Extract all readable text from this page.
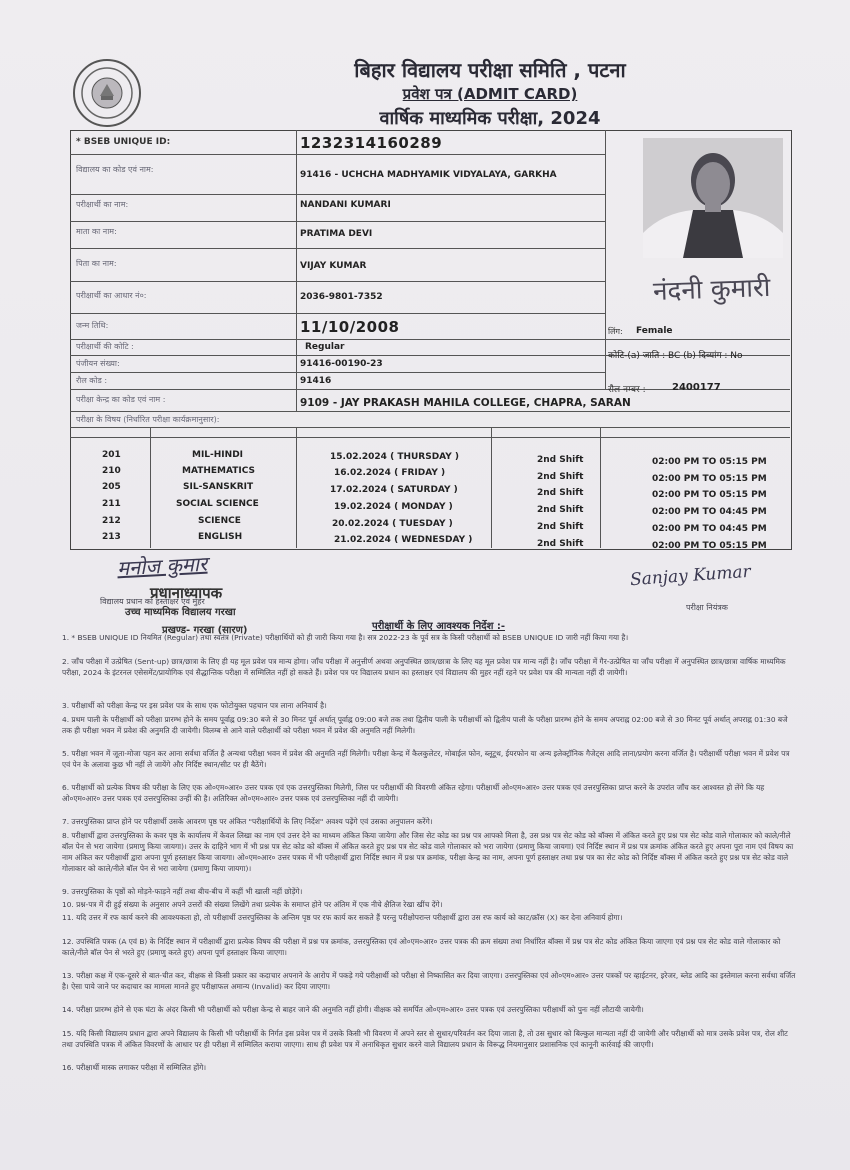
बिहार विद्यालय परीक्षा समिति , पटना
प्रवेश पत्र (ADMIT CARD)
वार्षिक माध्यमिक परीक्षा, 2024
* BSEB UNIQUE ID:	1232314160289
विद्यालय का कोड एवं नाम:
91416 - UCHCHA MADHYAMIK VIDYALAYA, GARKHA
परीक्षार्थी का नाम:	NANDANI KUMARI
माता का नाम:	PRATIMA DEVI
पिता का नाम:	VIJAY KUMAR
परीक्षार्थी का आधार नं०:	2036-9801-7352
जन्म तिथि:	11/10/2008	लिंग: Female
परीक्षार्थी की कोटि :	Regular
कोटि-(a) जाति : BC (b) दिव्यांग : No
पंजीयन संख्या:	91416-00190-23
रौल कोड :	91416
रौल नम्बर :	2400177
परीक्षा केन्द्र का कोड एवं नाम :	9109 - JAY PRAKASH MAHILA COLLEGE, CHAPRA, SARAN
परीक्षा के विषय (निर्धारित परीक्षा कार्यक्रमानुसार):
201	MIL-HINDI	15.02.2024 ( THURSDAY )	2nd Shift	02:00 PM TO 05:15 PM
210	MATHEMATICS	16.02.2024 ( FRIDAY )	2nd Shift	02:00 PM TO 05:15 PM
205	SIL-SANSKRIT	17.02.2024 ( SATURDAY )	2nd Shift	02:00 PM TO 05:15 PM
211	SOCIAL SCIENCE	19.02.2024 ( MONDAY )	2nd Shift	02:00 PM TO 04:45 PM
212	SCIENCE	20.02.2024 ( TUESDAY )	2nd Shift	02:00 PM TO 04:45 PM
213	ENGLISH	21.02.2024 ( WEDNESDAY )	2nd Shift	02:00 PM TO 05:15 PM
नंदनी कुमारी
मनोज कुमार
प्रधानाध्यापक
उच्च माध्यमिक विद्यालय गरखा
प्रखण्ड- गरखा (सारण)
विद्यालय प्रधान का हस्ताक्षर एवं मुहर
Sanjay Kumar
परीक्षा नियंत्रक
परीक्षार्थी के लिए आवश्यक निर्देश :-
1. * BSEB UNIQUE ID नियमित (Regular) तथा स्वतंत्र (Private) परीक्षार्थियों को ही जारी किया गया है। सत्र 2022-23 के पूर्व सत्र के किसी परीक्षार्थी को BSEB UNIQUE ID जारी नहीं किया गया है।
2. जाँच परीक्षा में उत्प्रेषित (Sent-up) छात्र/छात्रा के लिए ही यह मूल प्रवेश पत्र मान्य होगा। जाँच परीक्षा में अनुत्तीर्ण अथवा अनुपस्थित छात्र/छात्रा के लिए यह मूल प्रवेश पत्र मान्य नहीं है। जाँच परीक्षा में गैर-उत्प्रेषित या जाँच परीक्षा में अनुपस्थित छात्र/छात्रा वार्षिक माध्यमिक परीक्षा, 2024 के इंटरनल एसेसमेंट/प्रायोगिक एवं सैद्धान्तिक परीक्षा में सम्मिलित नहीं हो सकते हैं। प्रवेश पत्र पर विद्यालय प्रधान का हस्ताक्षर एवं विद्यालय की मुहर नहीं रहने पर प्रवेश पत्र की मान्यता नहीं दी जायेगी।
3. परीक्षार्थी को परीक्षा केन्द्र पर इस प्रवेश पत्र के साथ एक फोटोयुक्त पहचान पत्र लाना अनिवार्य है।
4. प्रथम पाली के परीक्षार्थी को परीक्षा प्रारम्भ होने के समय पूर्वाह्न 09:30 बजे से 30 मिनट पूर्व अर्थात् पूर्वाह्न 09:00 बजे तक तथा द्वितीय पाली के परीक्षार्थी को द्वितीय पाली के परीक्षा प्रारम्भ होने के समय अपराह्न 02:00 बजे से 30 मिनट पूर्व अर्थात् अपराह्न 01:30 बजे तक ही परीक्षा भवन में प्रवेश की अनुमति दी जायेगी। विलम्ब से आने वाले परीक्षार्थी को परीक्षा भवन में प्रवेश की अनुमति नहीं मिलेगी।
5. परीक्षा भवन में जूता-मोजा पहन कर आना सर्वथा वर्जित है अन्यथा परीक्षा भवन में प्रवेश की अनुमति नहीं मिलेगी। परीक्षा केन्द्र में कैलकुलेटर, मोबाईल फोन, ब्लूटूथ, ईयरफोन या अन्य इलेक्ट्रॉनिक गैजेट्स आदि लाना/प्रयोग करना वर्जित है। परीक्षार्थी परीक्षा भवन में प्रवेश पत्र एवं पेन के अलावा कुछ भी नहीं ले जायेंगे और निर्दिष्ट स्थान/सीट पर ही बैठेंगे।
6. परीक्षार्थी को प्रत्येक विषय की परीक्षा के लिए एक ओ०एम०आर० उत्तर पत्रक एवं एक उत्तरपुस्तिका मिलेगी, जिस पर परीक्षार्थी की विवरणी अंकित रहेगा। परीक्षार्थी ओ०एम०आर० उत्तर पत्रक एवं उत्तरपुस्तिका प्राप्त करने के उपरांत जाँच कर आश्वस्त हो लेंगे कि यह ओ०एम०आर० उत्तर पत्रक एवं उत्तरपुस्तिका उन्हीं की है। अतिरिक्त ओ०एम०आर० उत्तर पत्रक एवं उत्तरपुस्तिका नहीं दी जायेगी।
7. उत्तरपुस्तिका प्राप्त होने पर परीक्षार्थी उसके आवरण पृष्ठ पर अंकित "परीक्षार्थियों के लिए निर्देश" अवश्य पढ़ेंगे एवं उसका अनुपालन करेंगे।
8. परीक्षार्थी द्वारा उत्तरपुस्तिका के कवर पृष्ठ के कार्यालय में केवल लिखा का नाम एवं उत्तर देने का माध्यम अंकित किया जायेगा और जिस सेट कोड का प्रश्न पत्र आपको मिला है, उस प्रश्न पत्र सेट कोड को बॉक्स में अंकित करते हुए प्रश्न पत्र सेट कोड वाले गोलाकार को काले/नीले बॉल पेन से भरा जायेगा (प्रमाणु किया जायगा)। उत्तर के दाहिने भाग में भी प्रश्न पत्र सेट कोड को बॉक्स में अंकित करते हुए प्रश्न पत्र सेट कोड वाले गोलाकार को भरा जायेगा (प्रमाणु किया जायगा) एवं निर्दिष्ट स्थान में प्रश्न पत्र क्रमांक अंकित करते हुए अपना पूरा नाम एवं विषय का नाम अंकित कर परीक्षार्थी द्वारा अपना पूर्ण हस्ताक्षर किया जायगा। ओ०एम०आर० उत्तर पत्रक में भी परीक्षार्थी द्वारा निर्दिष्ट स्थान में प्रश्न पत्र क्रमांक, परीक्षा केन्द्र का नाम, अपना पूर्ण हस्ताक्षर तथा प्रश्न पत्र का सेट कोड को निर्दिष्ट बॉक्स में अंकित करते हुए प्रश्न पत्र सेट कोड वाले गोलाकार को काले/नीले बॉल पेन से भरा जायेगा (प्रमाणु किया जायगा)।
9. उत्तरपुस्तिका के पृष्ठों को मोड़ने-फाड़ने नहीं तथा बीच-बीच में कहीं भी खाली नहीं छोड़ेंगे।
10. प्रश्न-पत्र में दी हुई संख्या के अनुसार अपने उत्तरों की संख्या लिखेंगे तथा प्रत्येक के समाप्त होने पर अंतिम में एक नीचे क्षैतिज रेखा खींच देंगे।
11. यदि उत्तर में रफ कार्य करने की आवश्यकता हो, तो परीक्षार्थी उत्तरपुस्तिका के अन्तिम पृष्ठ पर रफ कार्य कर सकते हैं परन्तु परीक्षोपरान्त परीक्षार्थी द्वारा उस रफ कार्य को काट/क्रॉस (X) कर देना अनिवार्य होगा।
12. उपस्थिति पत्रक (A एवं B) के निर्दिष्ट स्थान में परीक्षार्थी द्वारा प्रत्येक विषय की परीक्षा में प्रश्न पत्र क्रमांक, उत्तरपुस्तिका एवं ओ०एम०आर० उत्तर पत्रक की क्रम संख्या तथा निर्धारित बॉक्स में प्रश्न पत्र सेट कोड अंकित किया जाएगा एवं प्रश्न पत्र सेट कोड वाले गोलाकार को काले/नीले बॉल पेन से भरते हुए (प्रमाणु करते हुए) अपना पूर्ण हस्ताक्षर किया जाएगा।
13. परीक्षा कक्ष में एक-दूसरे से बात-चीत कर, वीक्षक से किसी प्रकार का कदाचार अपनाने के आरोप में पकड़े गये परीक्षार्थी को परीक्षा से निष्कासित कर दिया जाएगा। उत्तरपुस्तिका एवं ओ०एम०आर० उत्तर पत्रकों पर व्हाईटनर, इरेजर, ब्लेड आदि का इस्तेमाल करना सर्वथा वर्जित है। ऐसा पाये जाने पर कदाचार का मामला मानते हुए परीक्षाफल अमान्य (Invalid) कर दिया जाएगा।
14. परीक्षा प्रारम्भ होने से एक घंटा के अंदर किसी भी परीक्षार्थी को परीक्षा केन्द्र से बाहर जाने की अनुमति नहीं होगी। वीक्षक को समर्पित ओ०एम०आर० उत्तर पत्रक एवं उत्तरपुस्तिका परीक्षार्थी को पुनः नहीं लौटायी जायेगी।
15. यदि किसी विद्यालय प्रधान द्वारा अपने विद्यालय के किसी भी परीक्षार्थी के निर्गत इस प्रवेश पत्र में उसके किसी भी विवरण में अपने स्तर से सुधार/परिवर्तन कर दिया जाता है, तो उस सुधार को बिल्कुल मान्यता नहीं दी जायेगी और परीक्षार्थी को मात्र उसके प्रवेश पत्र, रोल शीट तथा उपस्थिति पत्रक में अंकित विवरणों के आधार पर ही परीक्षा में सम्मिलित कराया जाएगा। साथ ही प्रवेश पत्र में अनाधिकृत सुधार करने वाले विद्यालय प्रधान के विरूद्ध नियमानुसार प्रशासनिक एवं कानूनी कार्रवाई की जाएगी।
16. परीक्षार्थी मास्क लगाकर परीक्षा में सम्मिलित होंगे।
